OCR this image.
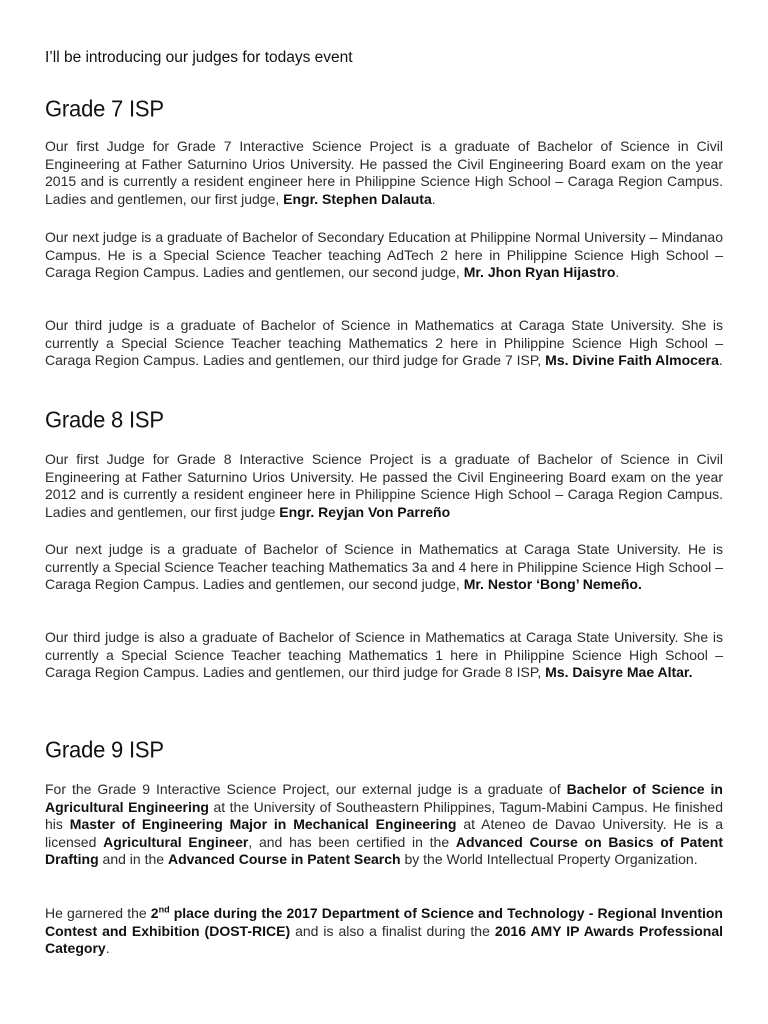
I’ll be introducing our judges for todays event
Grade 7 ISP

Our first Judge for Grade 7 Interactive Science Project is a graduate of Bachelor of Science in Civil Engineering at Father Saturnino Urios University. He passed the Civil Engineering Board exam on the year 2015 and is currently a resident engineer here in Philippine Science High School – Caraga Region Campus. Ladies and gentlemen, our first judge, Engr. Stephen Dalauta.

Our next judge is a graduate of Bachelor of Secondary Education at Philippine Normal University – Mindanao Campus. He is a Special Science Teacher teaching AdTech 2 here in Philippine Science High School – Caraga Region Campus. Ladies and gentlemen, our second judge, Mr. Jhon Ryan Hijastro.

Our third judge is a graduate of Bachelor of Science in Mathematics at Caraga State University. She is currently a Special Science Teacher teaching Mathematics 2 here in Philippine Science High School – Caraga Region Campus. Ladies and gentlemen, our third judge for Grade 7 ISP, Ms. Divine Faith Almocera.

Grade 8 ISP

Our first Judge for Grade 8 Interactive Science Project is a graduate of Bachelor of Science in Civil Engineering at Father Saturnino Urios University. He passed the Civil Engineering Board exam on the year 2012 and is currently a resident engineer here in Philippine Science High School – Caraga Region Campus. Ladies and gentlemen, our first judge Engr. Reyjan Von Parreño

Our next judge is a graduate of Bachelor of Science in Mathematics at Caraga State University. He is currently a Special Science Teacher teaching Mathematics 3a and 4 here in Philippine Science High School – Caraga Region Campus. Ladies and gentlemen, our second judge, Mr. Nestor ‘Bong’ Nemeño.

Our third judge is also a graduate of Bachelor of Science in Mathematics at Caraga State University. She is currently a Special Science Teacher teaching Mathematics 1 here in Philippine Science High School – Caraga Region Campus. Ladies and gentlemen, our third judge for Grade 8 ISP, Ms. Daisyre Mae Altar.

Grade 9 ISP

For the Grade 9 Interactive Science Project, our external judge is a graduate of Bachelor of Science in Agricultural Engineering at the University of Southeastern Philippines, Tagum-Mabini Campus. He finished his Master of Engineering Major in Mechanical Engineering at Ateneo de Davao University. He is a licensed Agricultural Engineer, and has been certified in the Advanced Course on Basics of Patent Drafting and in the Advanced Course in Patent Search by the World Intellectual Property Organization.

He garnered the 2nd place during the 2017 Department of Science and Technology - Regional Invention Contest and Exhibition (DOST-RICE) and is also a finalist during the 2016 AMY IP Awards Professional Category.
